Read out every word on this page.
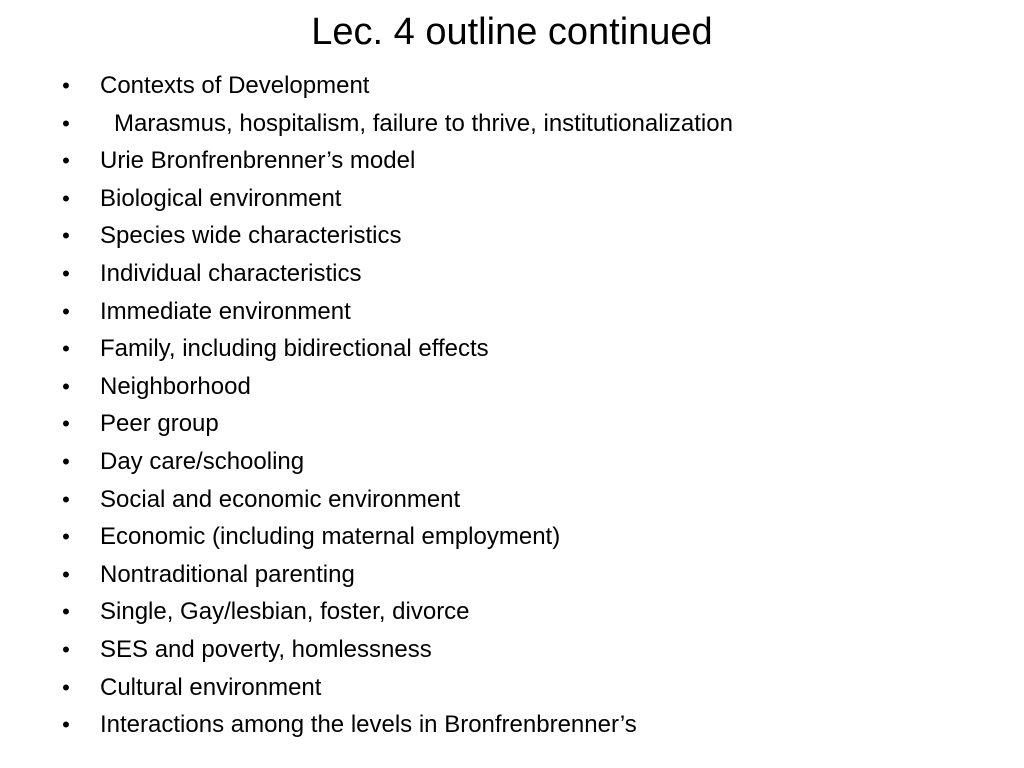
Lec. 4 outline continued
• Contexts of Development
• Marasmus, hospitalism, failure to thrive, institutionalization
• Urie Bronfrenbrenner’s model
• Biological environment
• Species wide characteristics
• Individual characteristics
• Immediate environment
• Family, including bidirectional effects
• Neighborhood
• Peer group
• Day care/schooling
• Social and economic environment
• Economic (including maternal employment)
• Nontraditional parenting
• Single, Gay/lesbian, foster, divorce
• SES and poverty, homlessness
• Cultural environment
• Interactions among the levels in Bronfrenbrenner’s
